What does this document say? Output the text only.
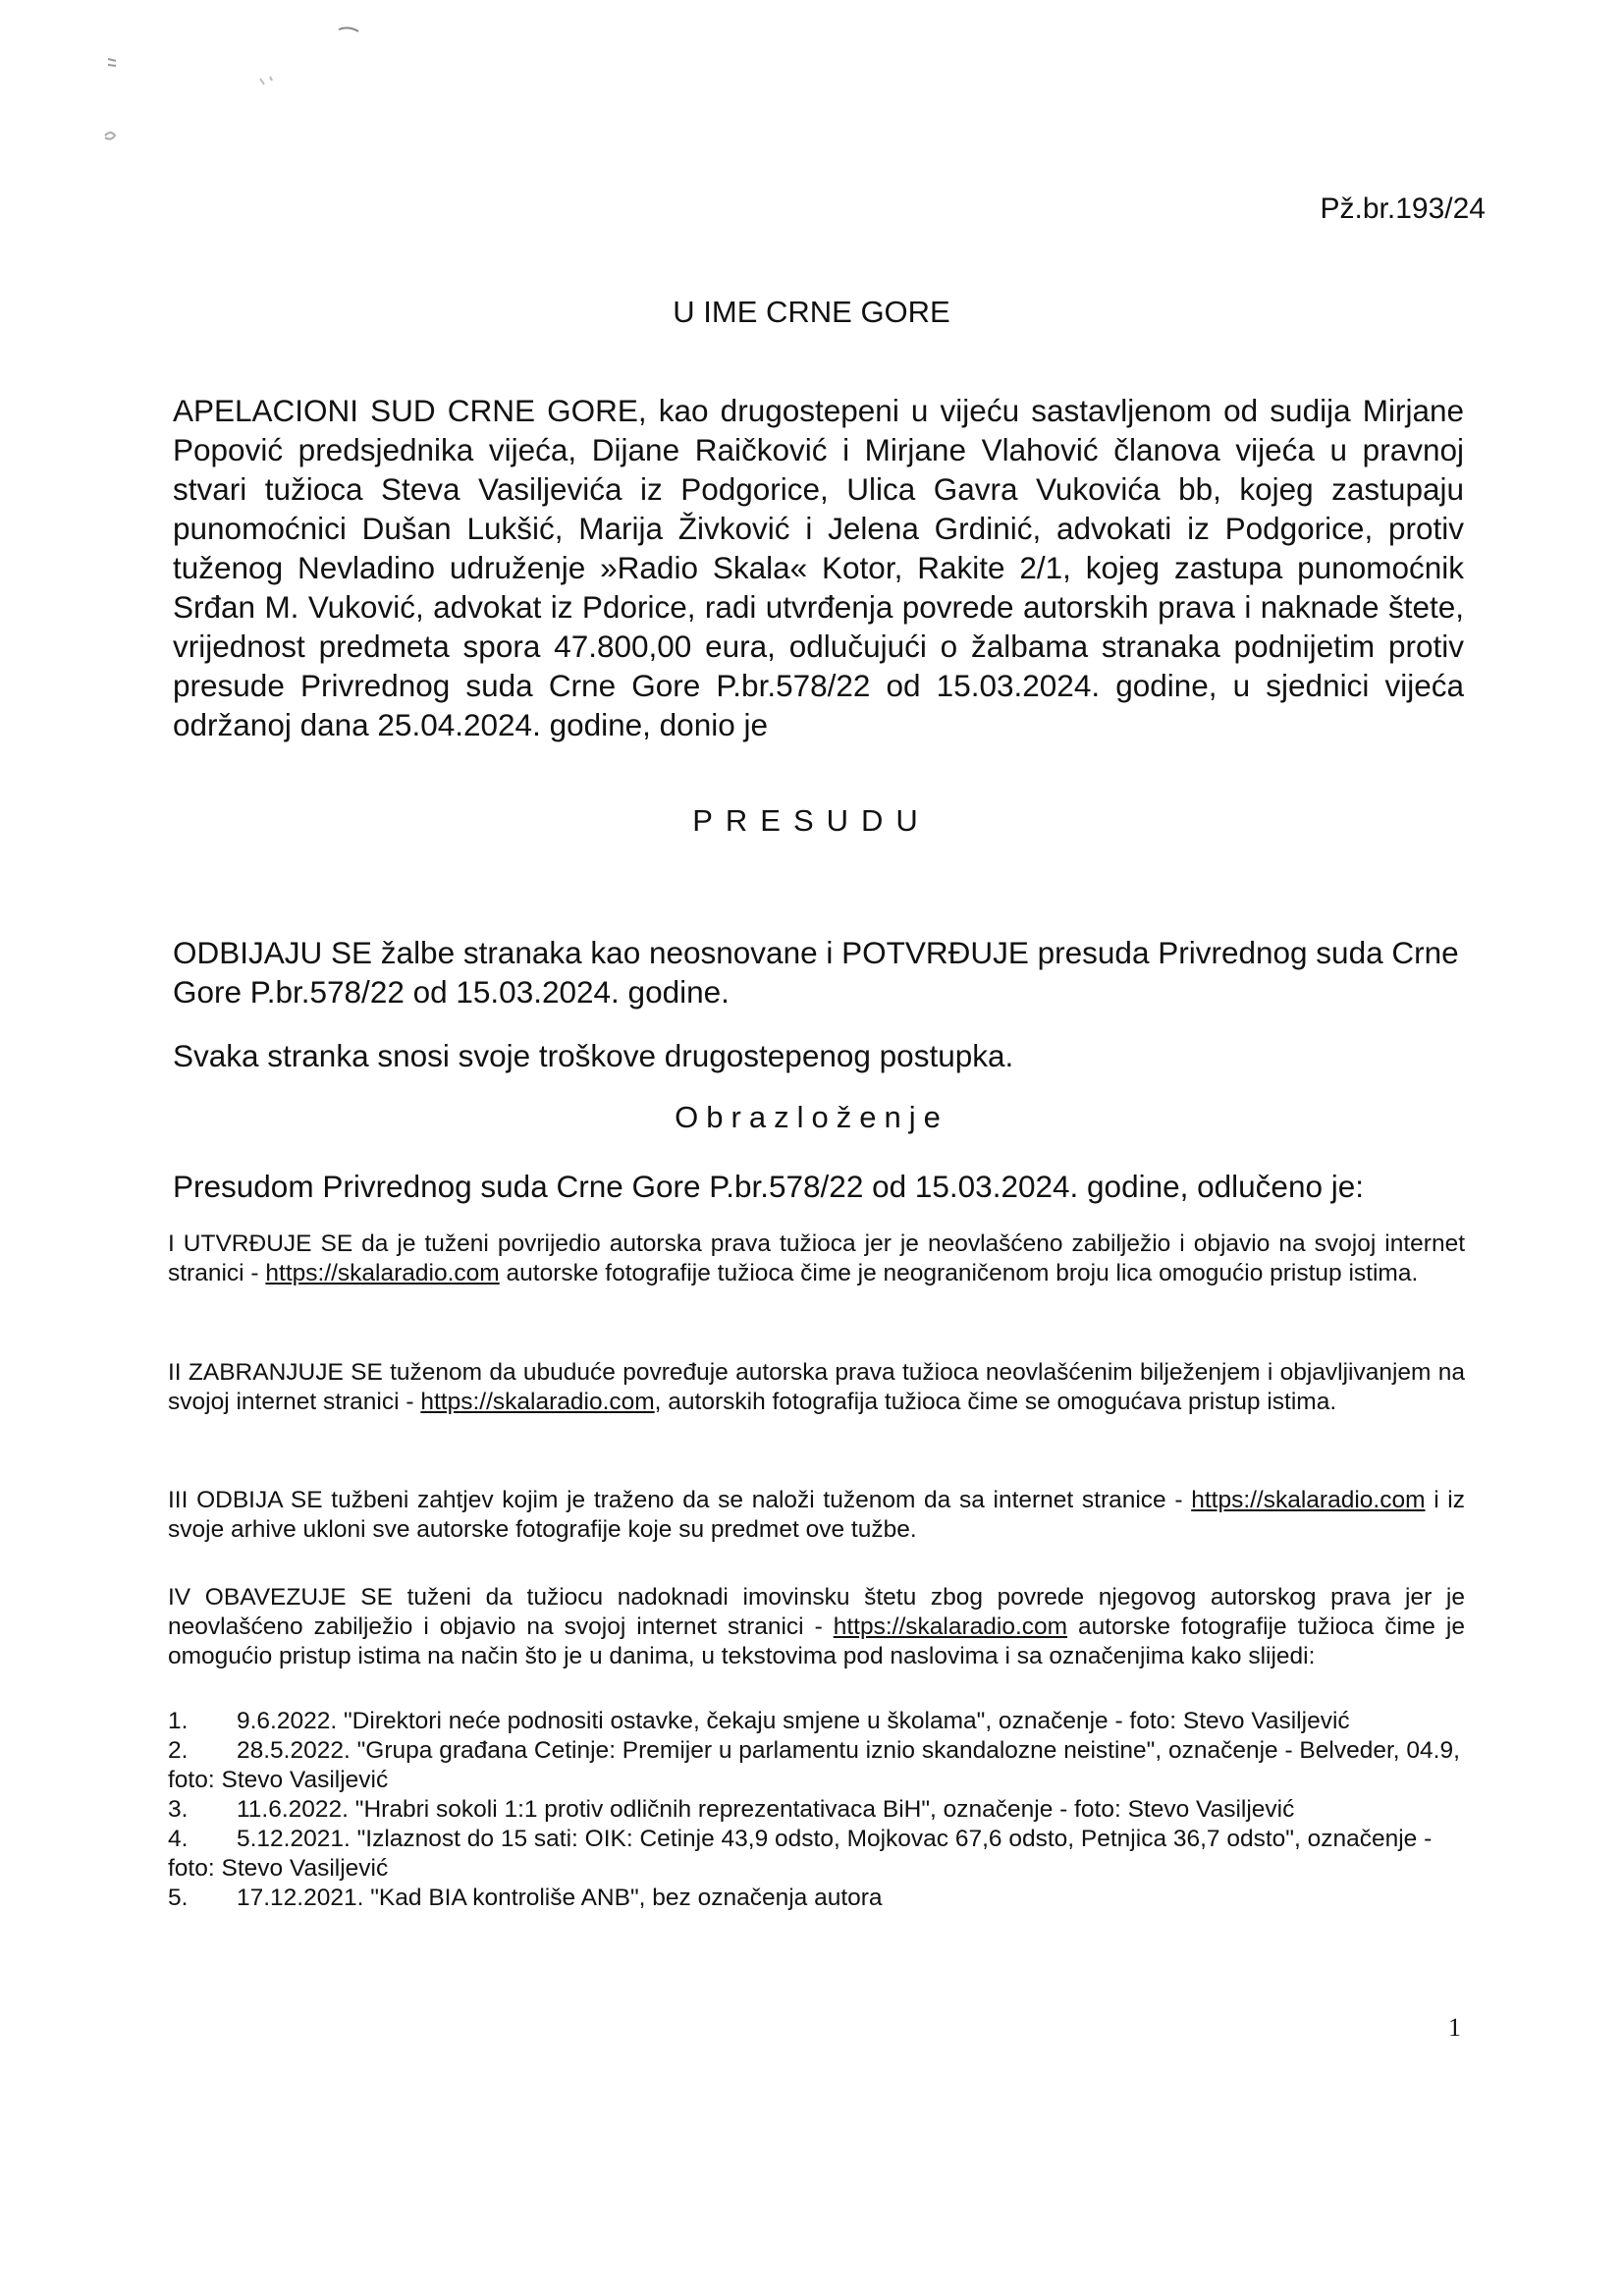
Pž.br.193/24
U IME CRNE GORE

APELACIONI SUD CRNE GORE, kao drugostepeni u vijeću sastavljenom od sudija Mirjane Popović predsjednika vijeća, Dijane Raičković i Mirjane Vlahović članova vijeća u pravnoj stvari tužioca Steva Vasiljevića iz Podgorice, Ulica Gavra Vukovića bb, kojeg zastupaju punomoćnici Dušan Lukšić, Marija Živković i Jelena Grdinić, advokati iz Podgorice, protiv tuženog Nevladino udruženje »Radio Skala« Kotor, Rakite 2/1, kojeg zastupa punomoćnik Srđan M. Vuković, advokat iz Pdorice, radi utvrđenja povrede autorskih prava i naknade štete, vrijednost predmeta spora 47.800,00 eura, odlučujući o žalbama stranaka podnijetim protiv presude Privrednog suda Crne Gore P.br.578/22 od 15.03.2024. godine, u sjednici vijeća održanoj dana 25.04.2024. godine, donio je

PRESUDU

ODBIJAJU SE žalbe stranaka kao neosnovane i POTVRĐUJE presuda Privrednog suda Crne Gore P.br.578/22 od 15.03.2024. godine.

Svaka stranka snosi svoje troškove drugostepenog postupka.

Obrazloženje

Presudom Privrednog suda Crne Gore P.br.578/22 od 15.03.2024. godine, odlučeno je:

I UTVRĐUJE SE da je tuženi povrijedio autorska prava tužioca jer je neovlašćeno zabilježio i objavio na svojoj internet stranici - https://skalaradio.com autorske fotografije tužioca čime je neograničenom broju lica omogućio pristup istima.

II ZABRANJUJE SE tuženom da ubuduće povređuje autorska prava tužioca neovlašćenim bilježenjem i objavljivanjem na svojoj internet stranici - https://skalaradio.com, autorskih fotografija tužioca čime se omogućava pristup istima.

III ODBIJA SE tužbeni zahtjev kojim je traženo da se naloži tuženom da sa internet stranice - https://skalaradio.com i iz svoje arhive ukloni sve autorske fotografije koje su predmet ove tužbe.

IV OBAVEZUJE SE tuženi da tužiocu nadoknadi imovinsku štetu zbog povrede njegovog autorskog prava jer je neovlašćeno zabilježio i objavio na svojoj internet stranici - https://skalaradio.com autorske fotografije tužioca čime je omogućio pristup istima na način što je u danima, u tekstovima pod naslovima i sa označenjima kako slijedi:

1. 9.6.2022. "Direktori neće podnositi ostavke, čekaju smjene u školama", označenje - foto: Stevo Vasiljević
2. 28.5.2022. "Grupa građana Cetinje: Premijer u parlamentu iznio skandalozne neistine", označenje - Belveder, 04.9, foto: Stevo Vasiljević
3. 11.6.2022. "Hrabri sokoli 1:1 protiv odličnih reprezentativaca BiH", označenje - foto: Stevo Vasiljević
4. 5.12.2021. "Izlaznost do 15 sati: OIK: Cetinje 43,9 odsto, Mojkovac 67,6 odsto, Petnjica 36,7 odsto", označenje - foto: Stevo Vasiljević
5. 17.12.2021. "Kad BIA kontroliše ANB", bez označenja autora
1
